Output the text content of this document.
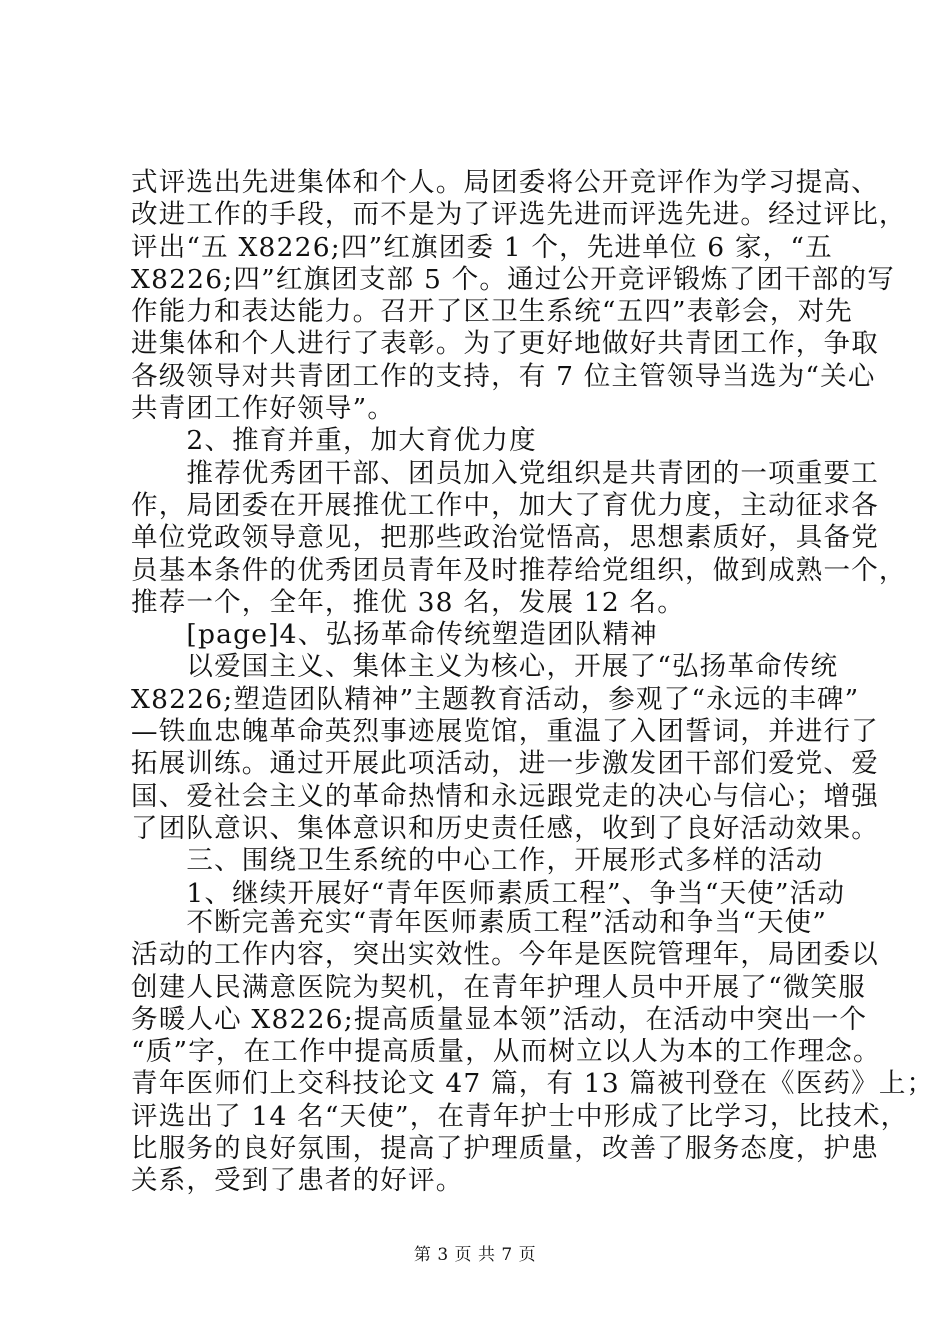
式评选出先进集体和个人。局团委将公开竞评作为学习提高、
改进工作的手段，而不是为了评选先进而评选先进。经过评比，
评出“五 X8226;四”红旗团委 1 个，先进单位 6 家，“五
X8226;四”红旗团支部 5 个。通过公开竞评锻炼了团干部的写
作能力和表达能力。召开了区卫生系统“五四”表彰会，对先
进集体和个人进行了表彰。为了更好地做好共青团工作，争取
各级领导对共青团工作的支持，有 7 位主管领导当选为“关心
共青团工作好领导”。
　　2、推育并重，加大育优力度
　　推荐优秀团干部、团员加入党组织是共青团的一项重要工
作，局团委在开展推优工作中，加大了育优力度，主动征求各
单位党政领导意见，把那些政治觉悟高，思想素质好，具备党
员基本条件的优秀团员青年及时推荐给党组织，做到成熟一个，
推荐一个，全年，推优 38 名，发展 12 名。
　　[page]4、弘扬革命传统塑造团队精神
　　以爱国主义、集体主义为核心，开展了“弘扬革命传统
X8226;塑造团队精神”主题教育活动，参观了“永远的丰碑”
—铁血忠魄革命英烈事迹展览馆，重温了入团誓词，并进行了
拓展训练。通过开展此项活动，进一步激发团干部们爱党、爱
国、爱社会主义的革命热情和永远跟党走的决心与信心；增强
了团队意识、集体意识和历史责任感，收到了良好活动效果。
　　三、围绕卫生系统的中心工作，开展形式多样的活动
　　1、继续开展好“青年医师素质工程”、争当“天使”活动
　　不断完善充实“青年医师素质工程”活动和争当“天使”
活动的工作内容，突出实效性。今年是医院管理年，局团委以
创建人民满意医院为契机，在青年护理人员中开展了“微笑服
务暖人心 X8226;提高质量显本领”活动，在活动中突出一个
“质”字，在工作中提高质量，从而树立以人为本的工作理念。
青年医师们上交科技论文 47 篇，有 13 篇被刊登在《医药》上；
评选出了 14 名“天使”，在青年护士中形成了比学习，比技术，
比服务的良好氛围，提高了护理质量，改善了服务态度，护患
关系，受到了患者的好评。
第 3 页 共 7 页
